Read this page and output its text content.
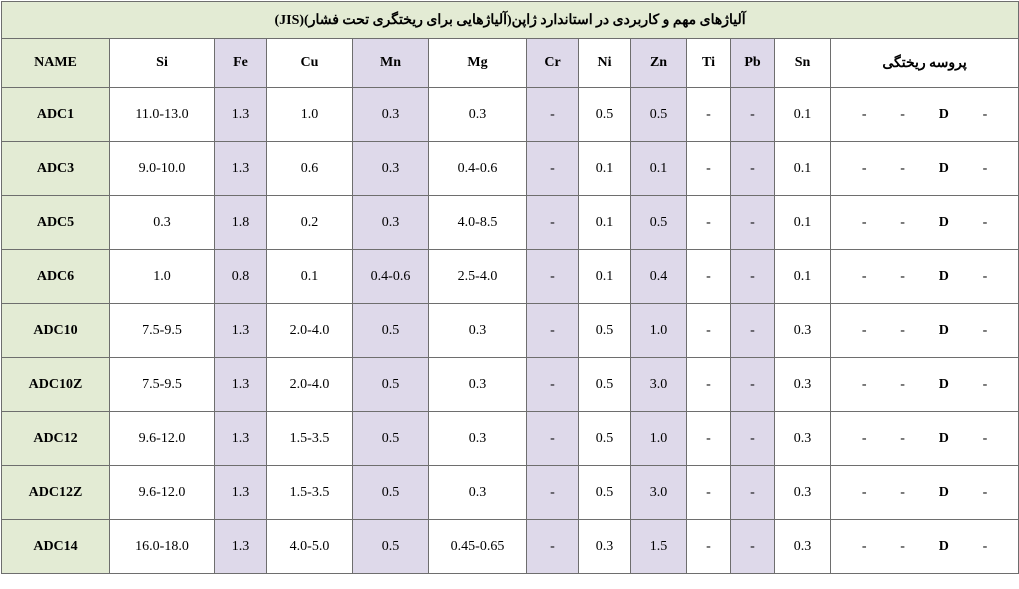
آلیاژهای مهم و کاربردی در استاندارد ژاپن(آلیاژهایی برای ریختگری تحت فشار)(JIS)												
NAME	Si	Fe	Cu	Mn	Mg	Cr	Ni	Zn	Ti	Pb	Sn	پروسه ریختگی
ADC1	11.0-13.0	1.3	1.0	0.3	0.3	-	0.5	0.5	-	-	0.1	- - D -

ADC3	9.0-10.0	1.3	0.6	0.3	0.4-0.6	-	0.1	0.1	-	-	0.1	- - D -

ADC5	0.3	1.8	0.2	0.3	4.0-8.5	-	0.1	0.5	-	-	0.1	- - D -

ADC6	1.0	0.8	0.1	0.4-0.6	2.5-4.0	-	0.1	0.4	-	-	0.1	- - D -

ADC10	7.5-9.5	1.3	2.0-4.0	0.5	0.3	-	0.5	1.0	-	-	0.3	- - D -

ADC10Z	7.5-9.5	1.3	2.0-4.0	0.5	0.3	-	0.5	3.0	-	-	0.3	- - D -

ADC12	9.6-12.0	1.3	1.5-3.5	0.5	0.3	-	0.5	1.0	-	-	0.3	- - D -

ADC12Z	9.6-12.0	1.3	1.5-3.5	0.5	0.3	-	0.5	3.0	-	-	0.3	- - D -

ADC14	16.0-18.0	1.3	4.0-5.0	0.5	0.45-0.65	-	0.3	1.5	-	-	0.3	- - D -
